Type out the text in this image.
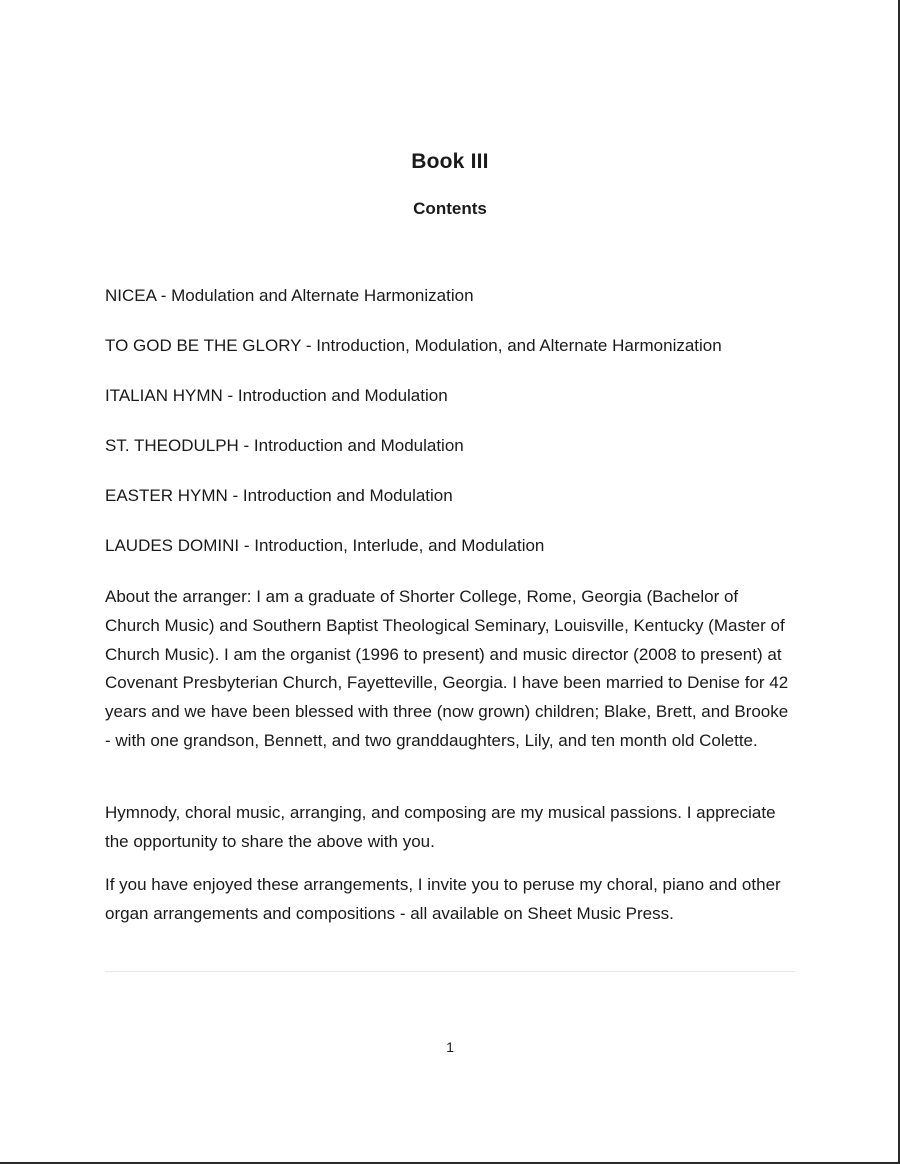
Book III
Contents
NICEA - Modulation and Alternate Harmonization
TO GOD BE THE GLORY - Introduction, Modulation, and Alternate Harmonization
ITALIAN HYMN - Introduction and Modulation
ST. THEODULPH - Introduction and Modulation
EASTER HYMN - Introduction and Modulation
LAUDES DOMINI - Introduction, Interlude, and Modulation

About the arranger: I am a graduate of Shorter College, Rome, Georgia (Bachelor of Church Music) and Southern Baptist Theological Seminary, Louisville, Kentucky (Master of Church Music). I am the organist (1996 to present) and music director (2008 to present) at Covenant Presbyterian Church, Fayetteville, Georgia. I have been married to Denise for 42 years and we have been blessed with three (now grown) children; Blake, Brett, and Brooke - with one grandson, Bennett, and two granddaughters, Lily, and ten month old Colette.

Hymnody, choral music, arranging, and composing are my musical passions. I appreciate the opportunity to share the above with you.

If you have enjoyed these arrangements, I invite you to peruse my choral, piano and other organ arrangements and compositions - all available on Sheet Music Press.

1
